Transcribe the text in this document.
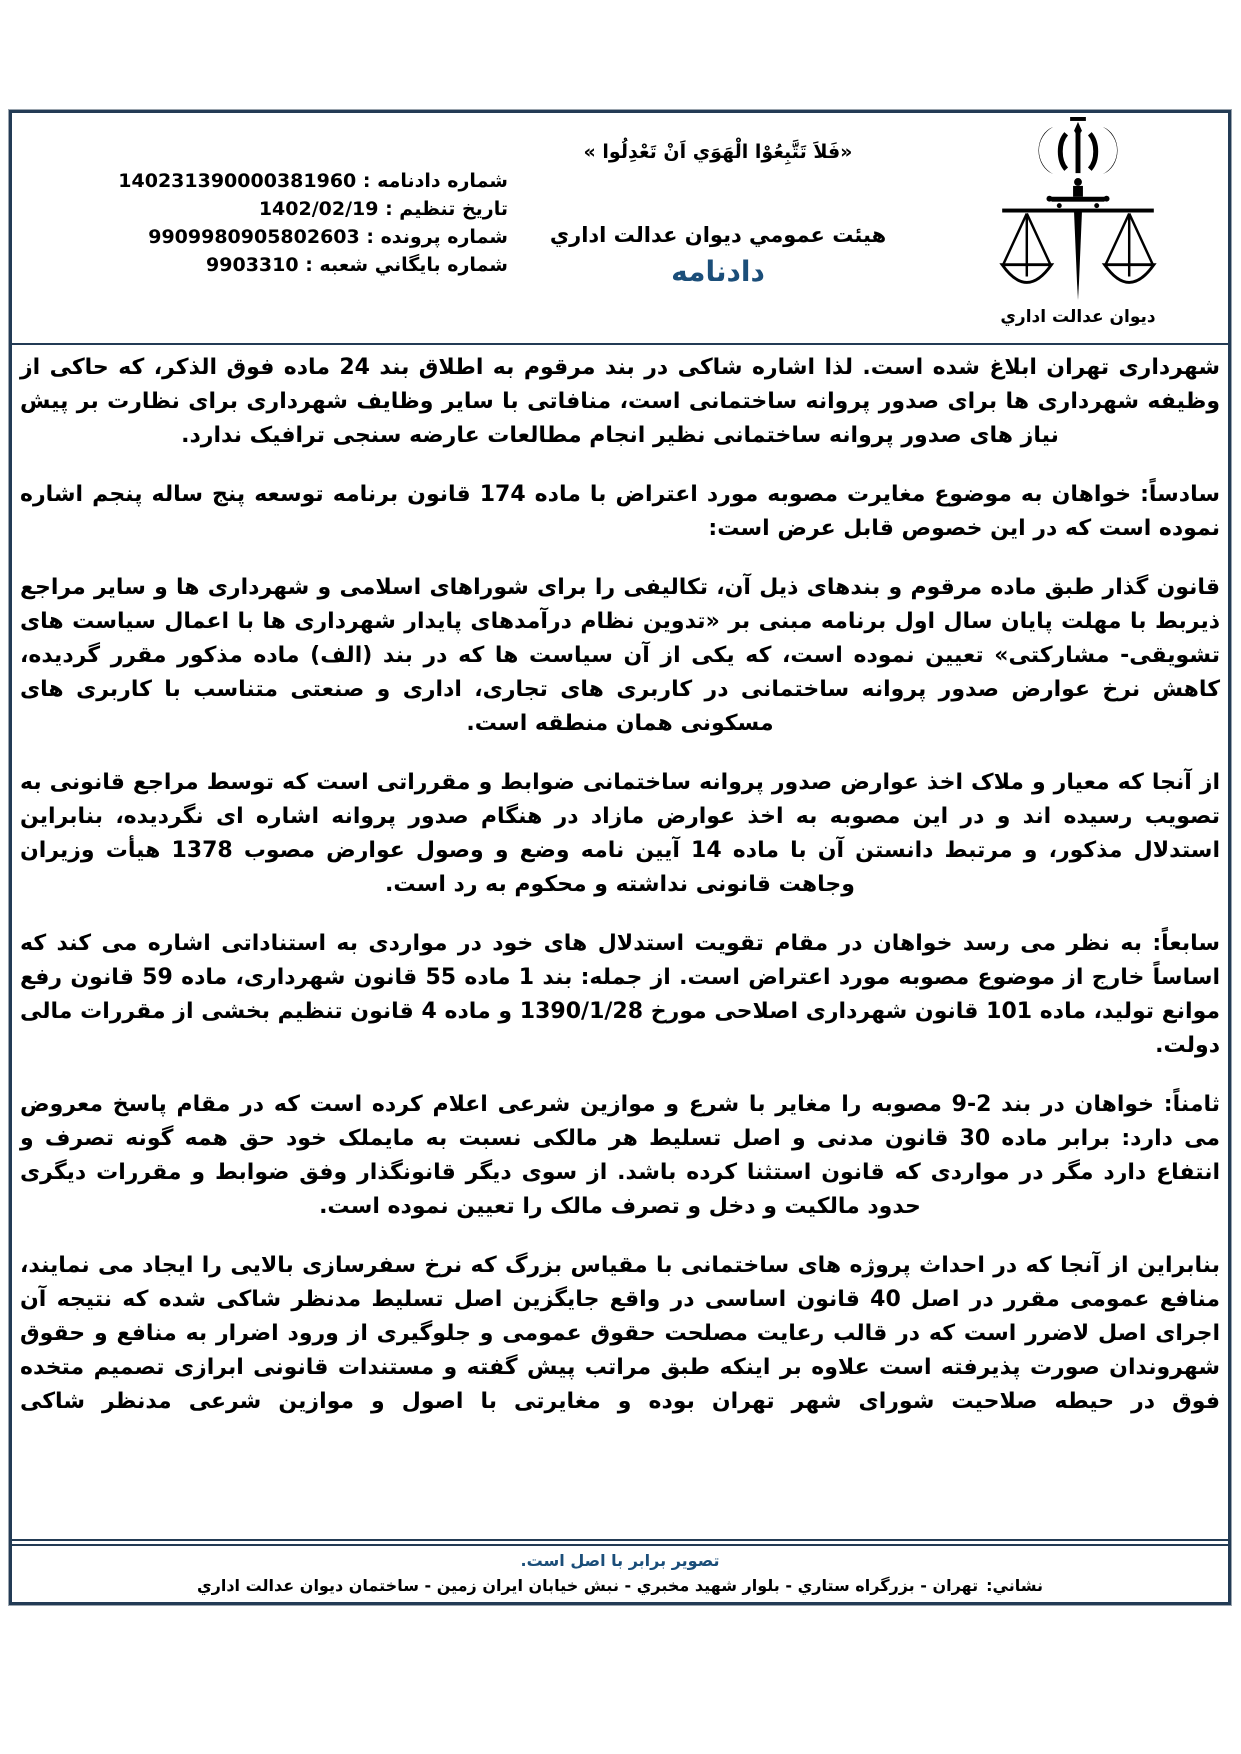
ديوان عدالت اداري
«فَلاَ تَتَّبِعُوْا الْهَوَي اَنْ تَعْدِلُوا »
هيئت عمومي ديوان عدالت اداري
دادنامه
شماره دادنامه : 140231390000381960
تاريخ تنظيم : 1402/02/19
شماره پرونده : 9909980905802603
شماره بايگاني شعبه : 9903310

شهرداری تهران ابلاغ شده است. لذا اشاره شاکی در بند مرقوم به اطلاق بند 24 ماده فوق الذکر، که حاکی از وظیفه شهرداری ها برای صدور پروانه ساختمانی است، منافاتی با سایر وظایف شهرداری برای نظارت بر پیش نیاز های صدور پروانه ساختمانی نظیر انجام مطالعات عارضه سنجی ترافیک ندارد.

سادساً: خواهان به موضوع مغایرت مصوبه مورد اعتراض با ماده 174 قانون برنامه توسعه پنج ساله پنجم اشاره نموده است که در این خصوص قابل عرض است:

قانون گذار طبق ماده مرقوم و بندهای ذیل آن، تکالیفی را برای شوراهای اسلامی و شهرداری ها و سایر مراجع ذیربط با مهلت پایان سال اول برنامه مبنی بر «تدوین نظام درآمدهای پایدار شهرداری ها با اعمال سیاست های تشویقی- مشارکتی» تعیین نموده است، که یکی از آن سیاست ها که در بند (الف) ماده مذکور مقرر گردیده، کاهش نرخ عوارض صدور پروانه ساختمانی در کاربری های تجاری، اداری و صنعتی متناسب با کاربری های مسکونی همان منطقه است.

از آنجا که معیار و ملاک اخذ عوارض صدور پروانه ساختمانی ضوابط و مقرراتی است که توسط مراجع قانونی به تصویب رسیده اند و در این مصوبه به اخذ عوارض مازاد در هنگام صدور پروانه اشاره ای نگردیده، بنابراین استدلال مذکور، و مرتبط دانستن آن با ماده 14 آیین نامه وضع و وصول عوارض مصوب 1378 هیأت وزیران وجاهت قانونی نداشته و محکوم به رد است.

سابعاً: به نظر می رسد خواهان در مقام تقویت استدلال های خود در مواردی به استناداتی اشاره می کند که اساساً خارج از موضوع مصوبه مورد اعتراض است. از جمله: بند 1 ماده 55 قانون شهرداری، ماده 59 قانون رفع موانع تولید، ماده 101 قانون شهرداری اصلاحی مورخ 1390/1/28 و ماده 4 قانون تنظیم بخشی از مقررات مالی دولت.

ثامناً: خواهان در بند 2-9 مصوبه را مغایر با شرع و موازین شرعی اعلام کرده است که در مقام پاسخ معروض می دارد: برابر ماده 30 قانون مدنی و اصل تسلیط هر مالکی نسبت به مایملک خود حق همه گونه تصرف و انتفاع دارد مگر در مواردی که قانون استثنا کرده باشد. از سوی دیگر قانونگذار وفق ضوابط و مقررات دیگری حدود مالکیت و دخل و تصرف مالک را تعیین نموده است.

بنابراین از آنجا که در احداث پروژه های ساختمانی با مقیاس بزرگ که نرخ سفرسازی بالایی را ایجاد می نمایند، منافع عمومی مقرر در اصل 40 قانون اساسی در واقع جایگزین اصل تسلیط مدنظر شاکی شده که نتیجه آن اجرای اصل لاضرر است که در قالب رعایت مصلحت حقوق عمومی و جلوگیری از ورود اضرار به منافع و حقوق شهروندان صورت پذیرفته است علاوه بر اینکه طبق مراتب پیش گفته و مستندات قانونی ابرازی تصمیم متخده فوق در حیطه صلاحیت شورای شهر تهران بوده و مغایرتی با اصول و موازین شرعی مدنظر شاکی

تصویر برابر با اصل است.
نشاني:تهران - بزرگراه ستاري - بلوار شهید مخبري - نبش خیابان ایران زمین - ساختمان دیوان عدالت اداري
